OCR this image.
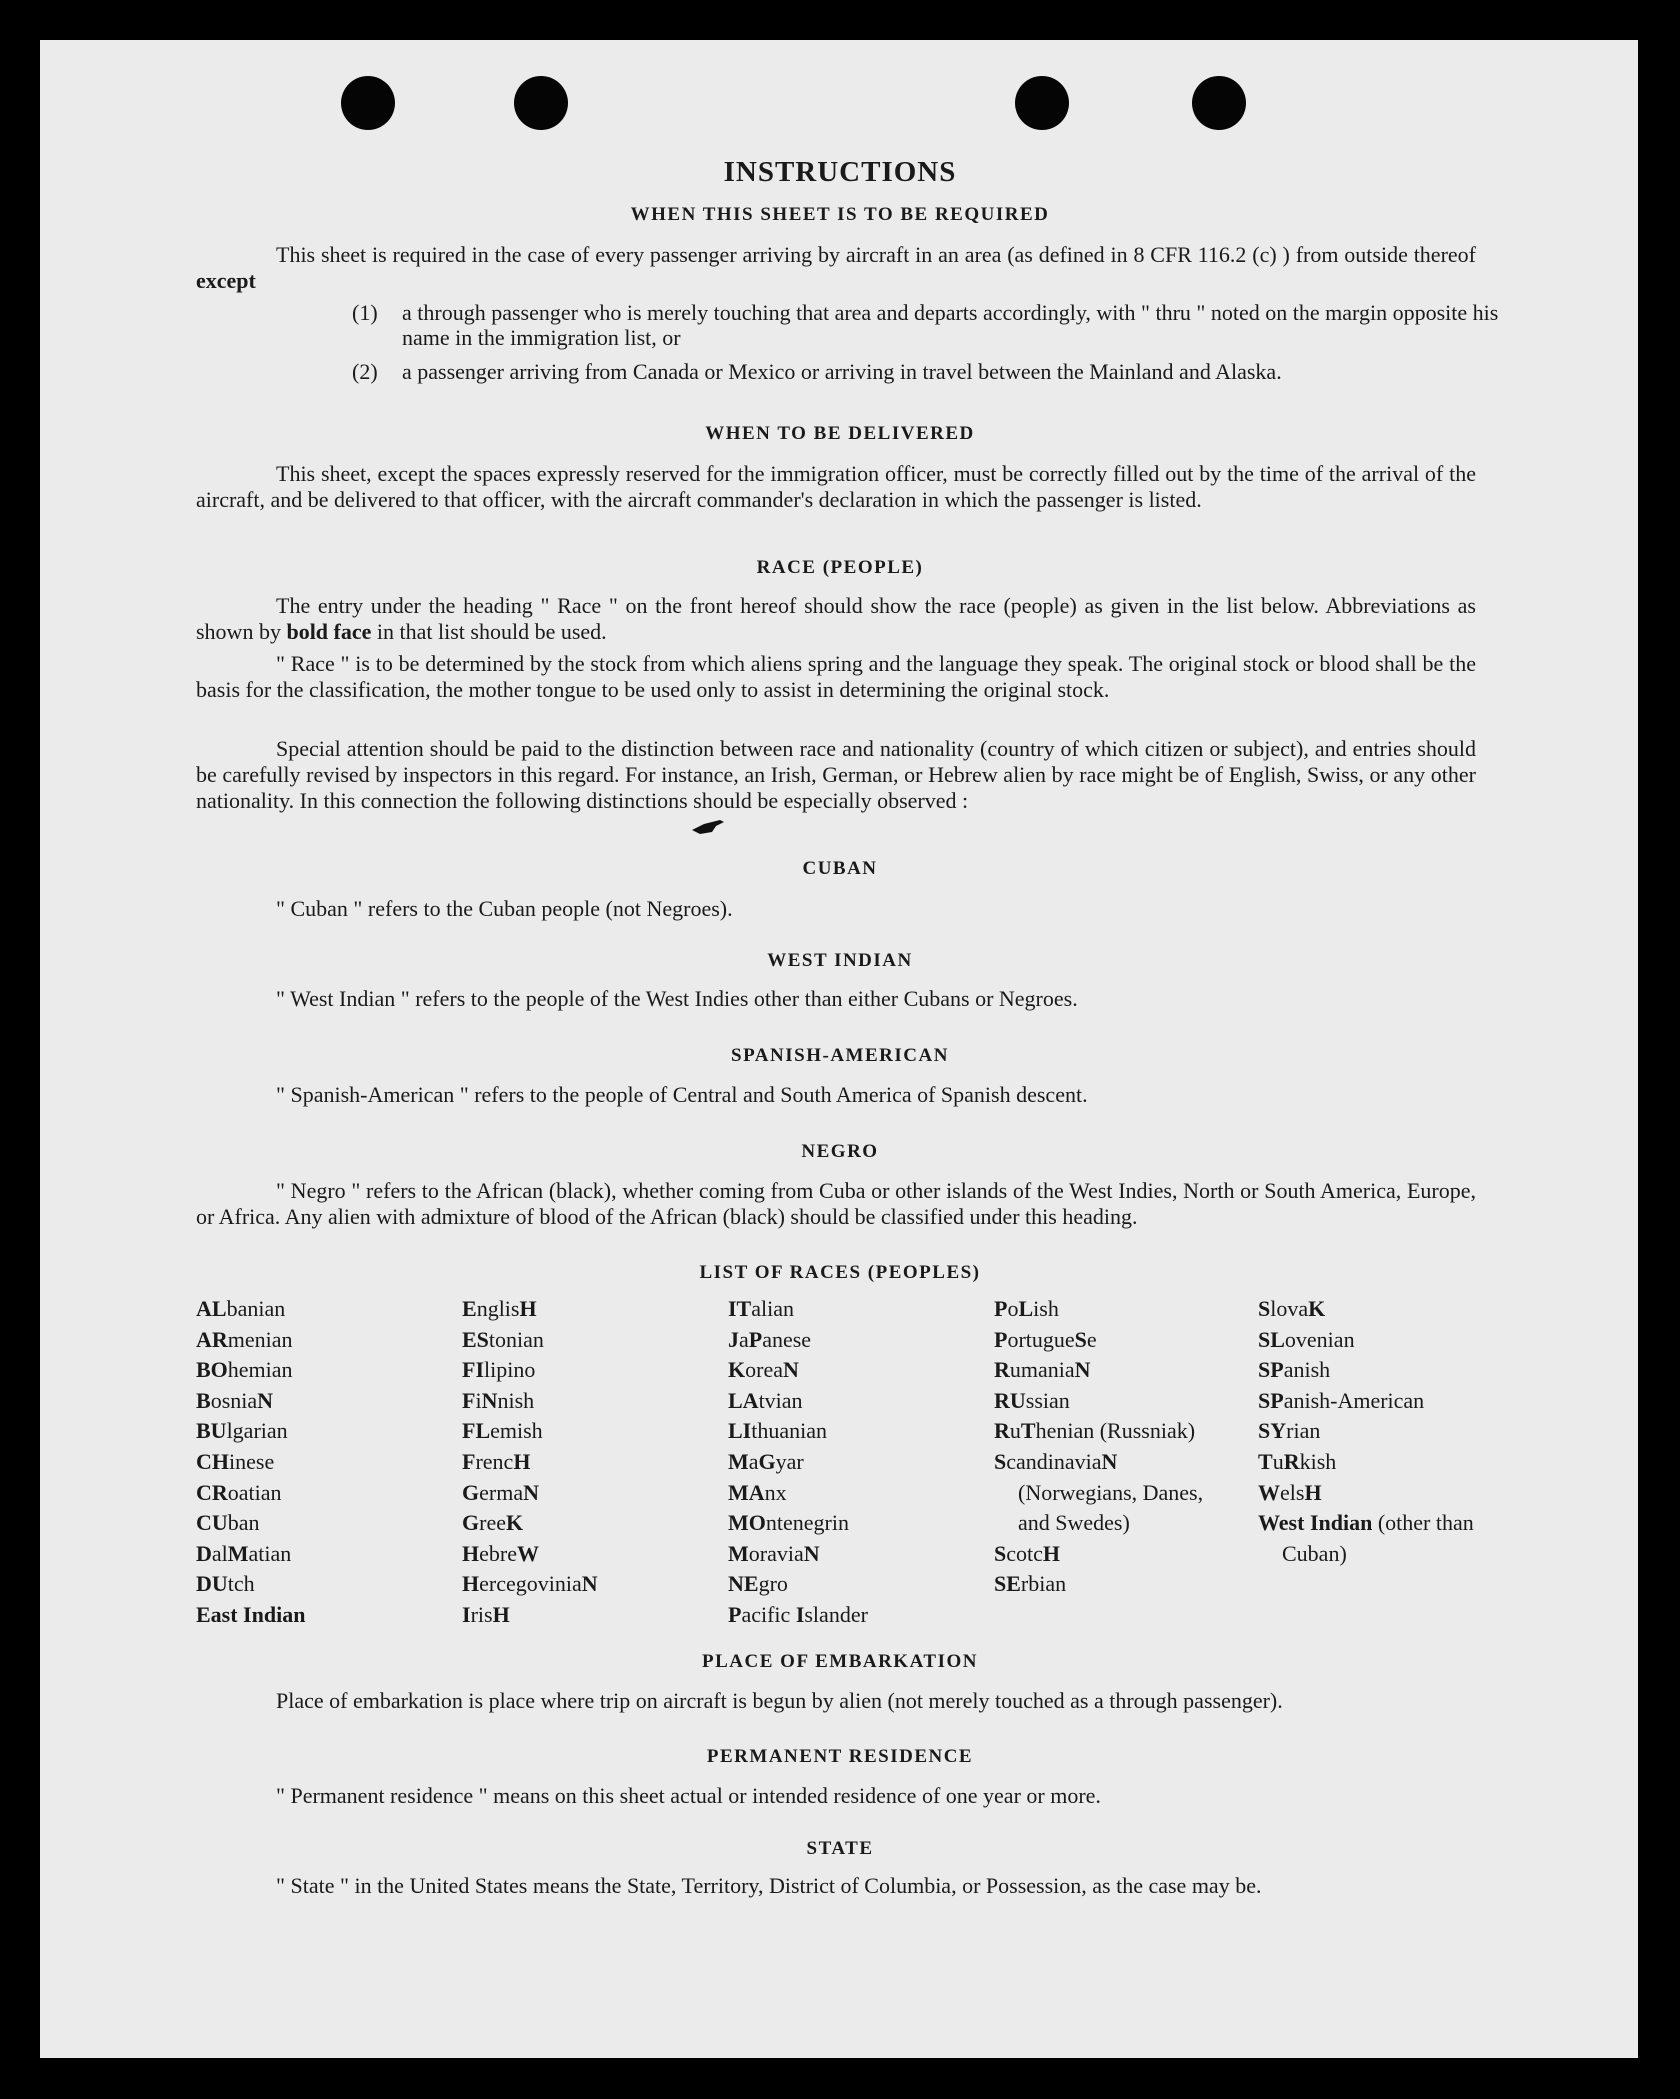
INSTRUCTIONS
WHEN THIS SHEET IS TO BE REQUIRED
This sheet is required in the case of every passenger arriving by aircraft in an area (as defined in 8 CFR 116.2 (c) ) from outside thereof except
(1) a through passenger who is merely touching that area and departs accordingly, with " thru " noted on the margin opposite his name in the immigration list, or
(2) a passenger arriving from Canada or Mexico or arriving in travel between the Mainland and Alaska.
WHEN TO BE DELIVERED
This sheet, except the spaces expressly reserved for the immigration officer, must be correctly filled out by the time of the arrival of the aircraft, and be delivered to that officer, with the aircraft commander's declaration in which the passenger is listed.
RACE (PEOPLE)
The entry under the heading " Race " on the front hereof should show the race (people) as given in the list below. Abbreviations as shown by bold face in that list should be used.
" Race " is to be determined by the stock from which aliens spring and the language they speak. The original stock or blood shall be the basis for the classification, the mother tongue to be used only to assist in determining the original stock.
Special attention should be paid to the distinction between race and nationality (country of which citizen or subject), and entries should be carefully revised by inspectors in this regard. For instance, an Irish, German, or Hebrew alien by race might be of English, Swiss, or any other nationality. In this connection the following distinctions should be especially observed :
CUBAN
" Cuban " refers to the Cuban people (not Negroes).
WEST INDIAN
" West Indian " refers to the people of the West Indies other than either Cubans or Negroes.
SPANISH-AMERICAN
" Spanish-American " refers to the people of Central and South America of Spanish descent.
NEGRO
" Negro " refers to the African (black), whether coming from Cuba or other islands of the West Indies, North or South America, Europe, or Africa. Any alien with admixture of blood of the African (black) should be classified under this heading.
LIST OF RACES (PEOPLES)
ALbanian
ARmenian
BOhemian
BosniaN
BUlgarian
CHinese
CRoatian
CUban
DalMatian
DUtch
East Indian
EnglisH
EStonian
FIlipino
FiNnish
FLemish
FrencH
GermaN
GreeK
HebreW
HercegoviniaN
IrisH
ITalian
JaPanese
KoreaN
LAtvian
LIthuanian
MaGyar
MAnx
MOntenegrin
MoraviaN
NEgro
Pacific Islander
PoLish
PortugueSe
RumaniaN
RUssian
RuThenian (Russniak)
ScandinaviaN (Norwegians, Danes, and Swedes)
ScotcH
SErbian
SlovaK
SLovenian
SPanish
SPanish-American
SYrian
TuRkish
WelsH
West Indian (other than Cuban)
PLACE OF EMBARKATION
Place of embarkation is place where trip on aircraft is begun by alien (not merely touched as a through passenger).
PERMANENT RESIDENCE
" Permanent residence " means on this sheet actual or intended residence of one year or more.
STATE
" State " in the United States means the State, Territory, District of Columbia, or Possession, as the case may be.
